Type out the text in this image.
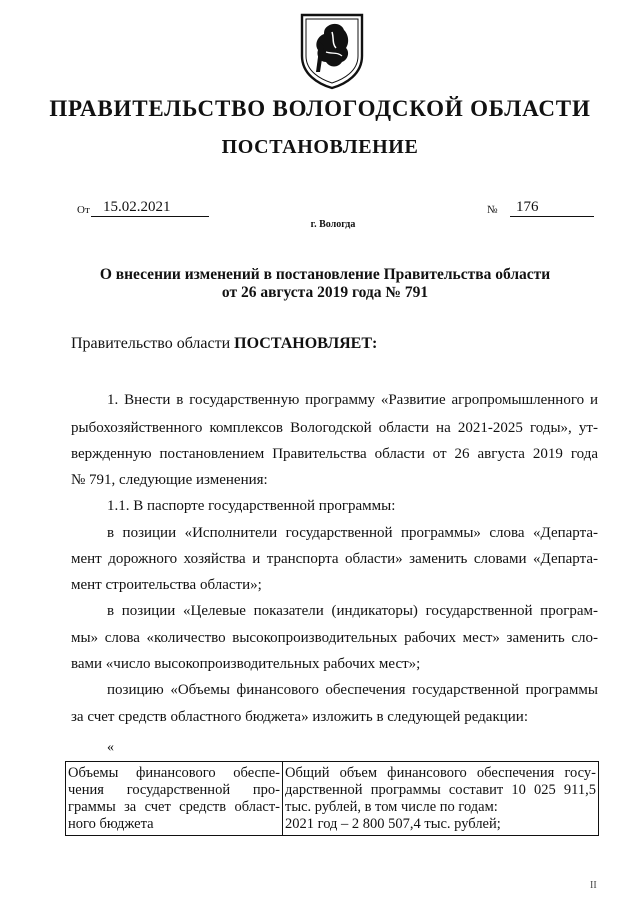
ПРАВИТЕЛЬСТВО ВОЛОГОДСКОЙ ОБЛАСТИ
ПОСТАНОВЛЕНИЕ
От 15.02.2021	№	176
г. Вологда
О внесении изменений в постановление Правительства области
от 26 августа 2019 года № 791
Правительство области ПОСТАНОВЛЯЕТ:
1. Внести в государственную программу «Развитие агропромышленного и
рыбохозяйственного комплексов Вологодской области на 2021-2025 годы», ут-
вержденную постановлением Правительства области от 26 августа 2019 года
№ 791, следующие изменения:
1.1. В паспорте государственной программы:
в позиции «Исполнители государственной программы» слова «Департа-
мент дорожного хозяйства и транспорта области» заменить словами «Департа-
мент строительства области»;
в позиции «Целевые показатели (индикаторы) государственной програм-
мы» слова «количество высокопроизводительных рабочих мест» заменить сло-
вами «число высокопроизводительных рабочих мест»;
позицию «Объемы финансового обеспечения государственной программы
за счет средств областного бюджета» изложить в следующей редакции:
«
Объемы финансового обеспе-
чения государственной про-
граммы за счет средств област-
ного бюджета

Общий объем финансового обеспечения госу-
дарственной программы составит 10 025 911,5
тыс. рублей, в том числе по годам:
2021 год – 2 800 507,4 тыс. рублей;
II
